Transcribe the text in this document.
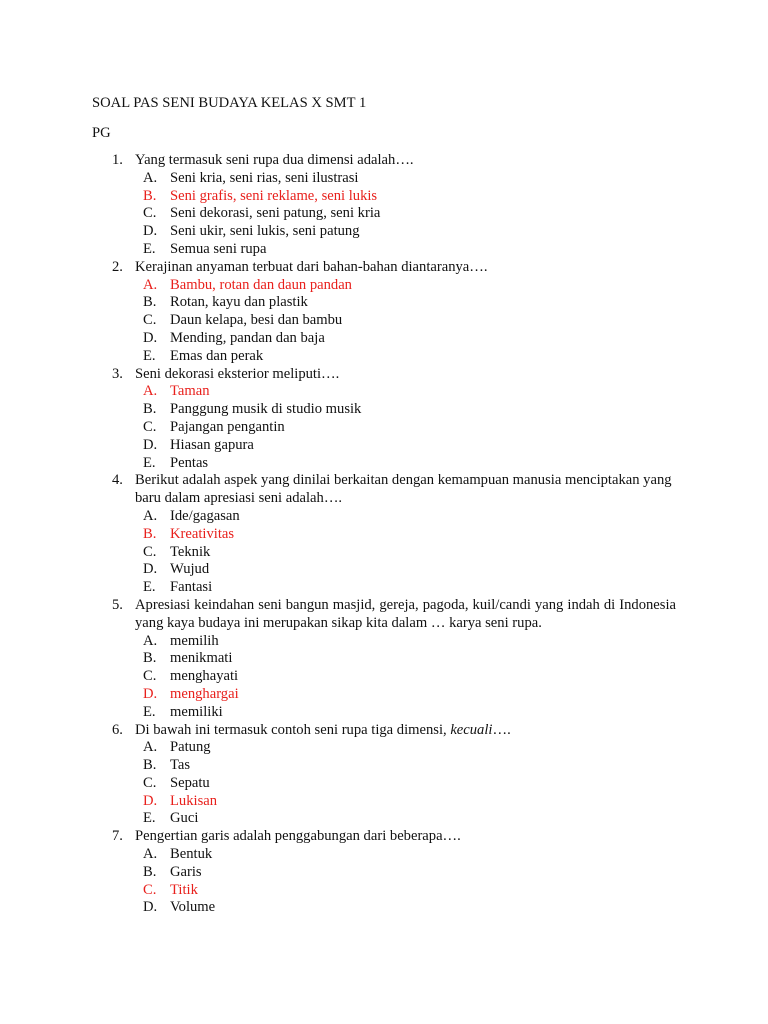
SOAL PAS SENI BUDAYA KELAS X SMT 1
PG
1. Yang termasuk seni rupa dua dimensi adalah….
A. Seni kria, seni rias, seni ilustrasi
B. Seni grafis, seni reklame, seni lukis
C. Seni dekorasi, seni patung, seni kria
D. Seni ukir, seni lukis, seni patung
E. Semua seni rupa
2. Kerajinan anyaman terbuat dari bahan-bahan diantaranya….
A. Bambu, rotan dan daun pandan
B. Rotan, kayu dan plastik
C. Daun kelapa, besi dan bambu
D. Mending, pandan dan baja
E. Emas dan perak
3. Seni dekorasi eksterior meliputi….
A. Taman
B. Panggung musik di studio musik
C. Pajangan pengantin
D. Hiasan gapura
E. Pentas
4. Berikut adalah aspek yang dinilai berkaitan dengan kemampuan manusia menciptakan yang baru dalam apresiasi seni adalah….
A. Ide/gagasan
B. Kreativitas
C. Teknik
D. Wujud
E. Fantasi
5. Apresiasi keindahan seni bangun masjid, gereja, pagoda, kuil/candi yang indah di Indonesia yang kaya budaya ini merupakan sikap kita dalam … karya seni rupa.
A. memilih
B. menikmati
C. menghayati
D. menghargai
E. memiliki
6. Di bawah ini termasuk contoh seni rupa tiga dimensi, kecuali….
A. Patung
B. Tas
C. Sepatu
D. Lukisan
E. Guci
7. Pengertian garis adalah penggabungan dari beberapa….
A. Bentuk
B. Garis
C. Titik
D. Volume
